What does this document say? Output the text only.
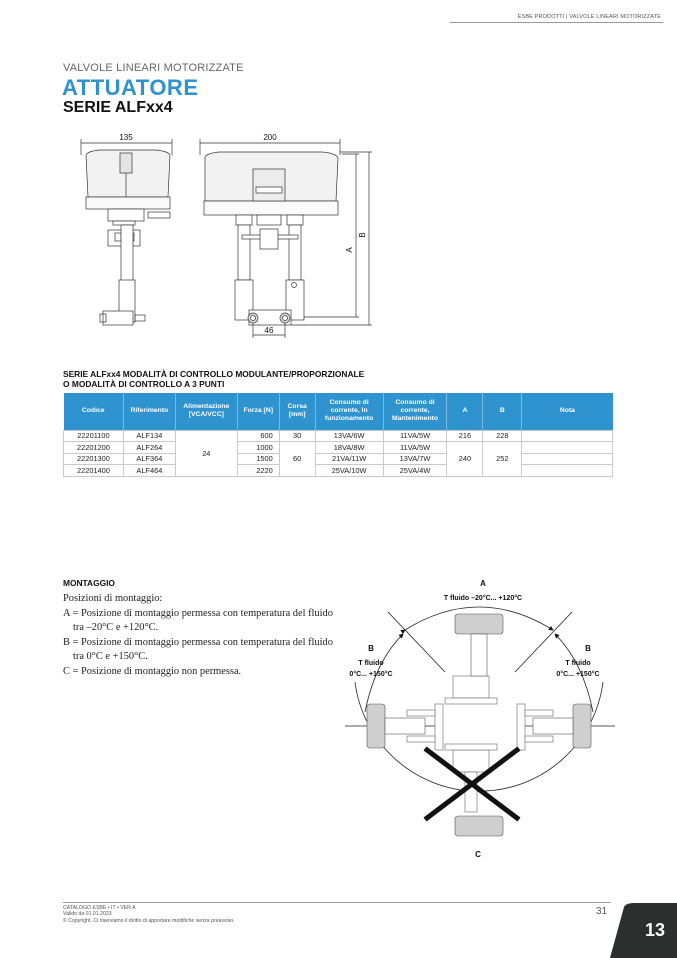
ESBE PRODOTTI | VALVOLE LINEARI MOTORIZZATE
VALVOLE LINEARI MOTORIZZATE
ATTUATORE
SERIE ALFxx4
135	200
46
A
B
SERIE ALFxx4 MODALITÀ DI CONTROLLO MODULANTE/PROPORZIONALE
O MODALITÀ DI CONTROLLO A 3 PUNTI
Codice	Riferimento	Alimentazione [VCA/VCC]	Forza [N]	Corsa [mm]	Consumo di corrente, In funzionamento	Consumo di corrente, Mantenimento	A	B	Nota
22201100	ALF134	24	600	30	13VA/6W	11VA/5W	216	228	
22201200	ALF264		1000	60	18VA/8W	11VA/5W	240	252	
22201300	ALF364		1500		21VA/11W	13VA/7W			
22201400	ALF464		2220		25VA/10W	25VA/4W			
MONTAGGIO

Posizioni di montaggio:

A = Posizione di montaggio permessa con temperatura del fluido tra –20°C e +120°C.

B = Posizione di montaggio permessa con temperatura del fluido tra 0°C e +150°C.

C = Posizione di montaggio non permessa.

A
T fluido –20°C... +120°C
B
T fluido
0°C... +150°C
B
T fluido
0°C... +150°C
C
CATALOGO ESBE • IT • VER A
Valido da 01.01.2023
© Copyright. Ci riserviamo il diritto di apportare modifiche senza preavviso.
31
13
